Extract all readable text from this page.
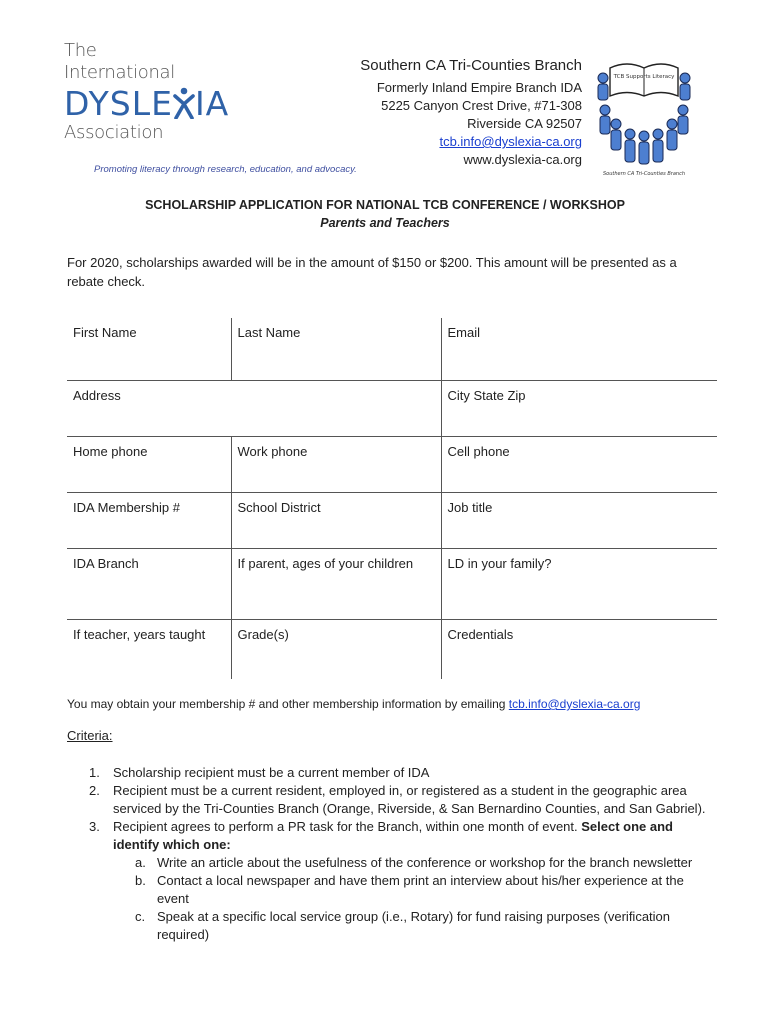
The
International
DYSLE IA
Association
Promoting literacy through research, education, and advocacy.
Southern CA Tri-Counties Branch
Formerly Inland Empire Branch IDA
5225 Canyon Crest Drive, #71-308
Riverside CA 92507
tcb.info@dyslexia-ca.org
www.dyslexia-ca.org
TCB Supports Literacy
Southern CA Tri-Counties Branch
SCHOLARSHIP APPLICATION FOR NATIONAL TCB CONFERENCE / WORKSHOP
Parents and Teachers
For 2020, scholarships awarded will be in the amount of $150 or $200. This amount will be presented as a rebate check.
First Name	Last Name	Email
Address		City State Zip
Home phone	Work phone	Cell phone
IDA Membership #	School District	Job title
IDA Branch	If parent, ages of your children	LD in your family?
If teacher, years taught	Grade(s)	Credentials
You may obtain your membership # and other membership information by emailing tcb.info@dyslexia-ca.org
Criteria:
1. Scholarship recipient must be a current member of IDA
2. Recipient must be a current resident, employed in, or registered as a student in the geographic area serviced by the Tri-Counties Branch (Orange, Riverside, & San Bernardino Counties, and San Gabriel).
3. Recipient agrees to perform a PR task for the Branch, within one month of event. Select one and identify which one:
a. Write an article about the usefulness of the conference or workshop for the branch newsletter
b. Contact a local newspaper and have them print an interview about his/her experience at the event
c. Speak at a specific local service group (i.e., Rotary) for fund raising purposes (verification required)
